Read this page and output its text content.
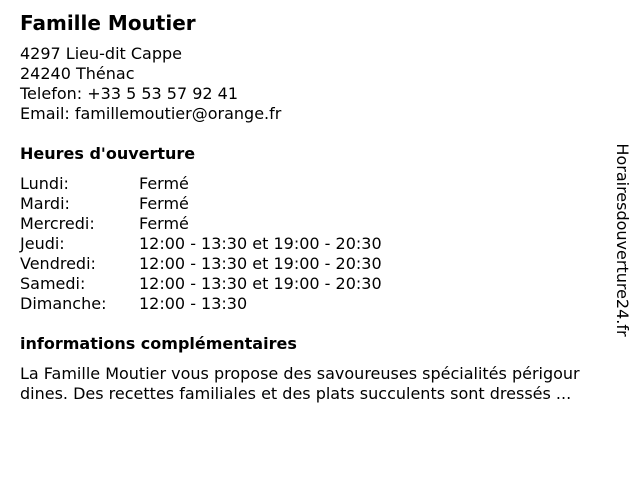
Famille Moutier
4297 Lieu-dit Cappe
24240 Thénac
Telefon: +33 5 53 57 92 41
Email: famillemoutier@orange.fr
Heures d'ouverture
Lundi:	Fermé
Mardi:	Fermé
Mercredi:	Fermé
Jeudi:	12:00 - 13:30 et 19:00 - 20:30
Vendredi:	12:00 - 13:30 et 19:00 - 20:30
Samedi:	12:00 - 13:30 et 19:00 - 20:30
Dimanche:	12:00 - 13:30
informations complémentaires
La Famille Moutier vous propose des savoureuses spécialités périgour dines. Des recettes familiales et des plats succulents sont dressés ...
Horairesdouverture24.fr
